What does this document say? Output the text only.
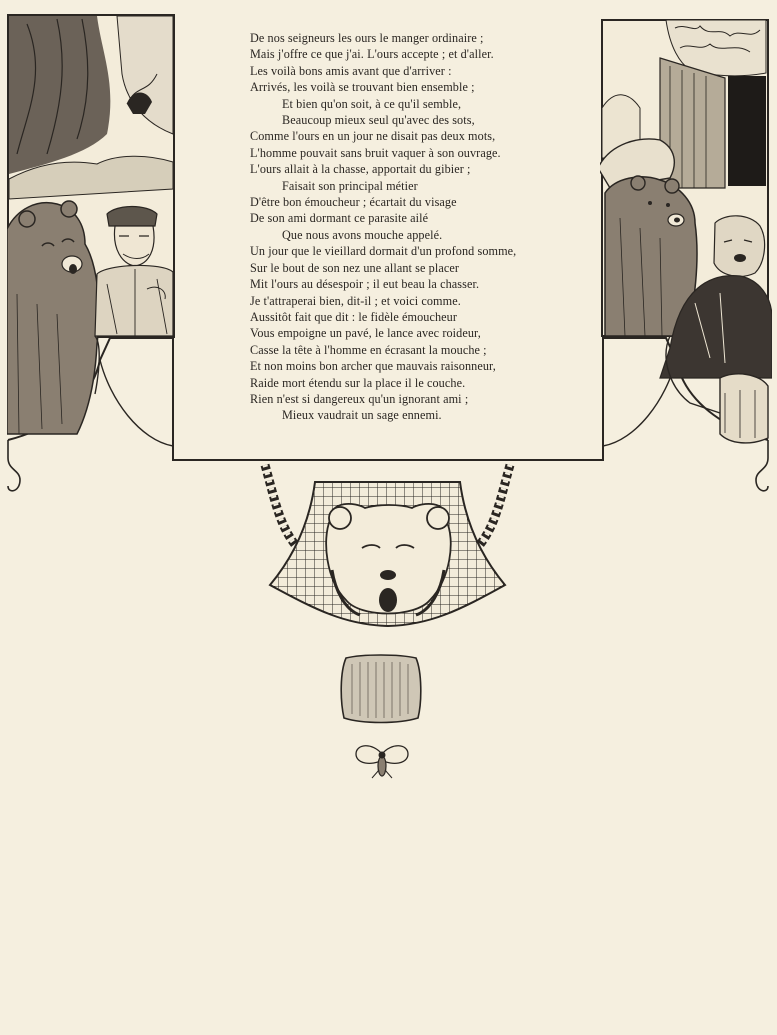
De nos seigneurs les ours le manger ordinaire ;
Mais j'offre ce que j'ai. L'ours accepte ; et d'aller.
Les voilà bons amis avant que d'arriver :
Arrivés, les voilà se trouvant bien ensemble ;
Et bien qu'on soit, à ce qu'il semble,
Beaucoup mieux seul qu'avec des sots,
Comme l'ours en un jour ne disait pas deux mots,
L'homme pouvait sans bruit vaquer à son ouvrage.
L'ours allait à la chasse, apportait du gibier ;
Faisait son principal métier
D'être bon émoucheur ; écartait du visage
De son ami dormant ce parasite ailé
Que nous avons mouche appelé.
Un jour que le vieillard dormait d'un profond somme,
Sur le bout de son nez une allant se placer
Mit l'ours au désespoir ; il eut beau la chasser.
Je t'attraperai bien, dit-il ; et voici comme.
Aussitôt fait que dit : le fidèle émoucheur
Vous empoigne un pavé, le lance avec roideur,
Casse la tête à l'homme en écrasant la mouche ;
Et non moins bon archer que mauvais raisonneur,
Raide mort étendu sur la place il le couche.
Rien n'est si dangereux qu'un ignorant ami ;
Mieux vaudrait un sage ennemi.
